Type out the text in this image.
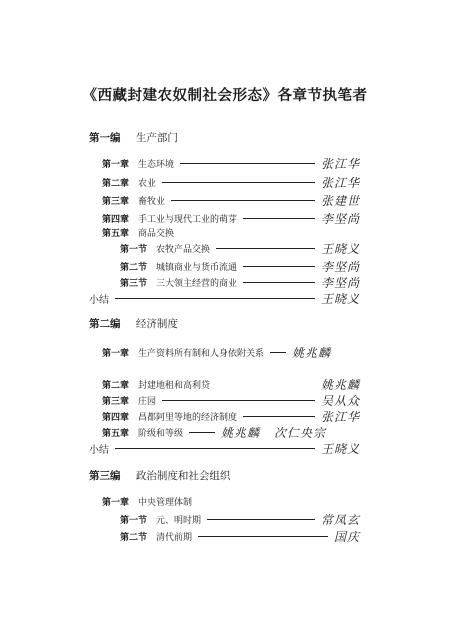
《西藏封建农奴制社会形态》各章节执笔者
第一编 生产部门
第一章 生态环境	张江华
第二章 农业	张江华
第三章 畜牧业	张建世
第四章 手工业与现代工业的萌芽	李坚尚
第五章 商品交换
第一节 农牧产品交换	王晓义
第二节 城镇商业与货币流通	李坚尚
第三节 三大领主经营的商业	李坚尚
小结	王晓义
第二编 经济制度
第一章 生产资料所有制和人身依附关系 姚兆麟
第二章 封建地租和高利贷	姚兆麟
第三章 庄园	吴从众
第四章 昌都阿里等地的经济制度	张江华
第五章 阶级和等级	姚兆麟 次仁央宗
小结	王晓义
第三编 政治制度和社会组织
第一章 中央管理体制
第一节 元、明时期	常凤玄
第二节 清代前期	国庆
